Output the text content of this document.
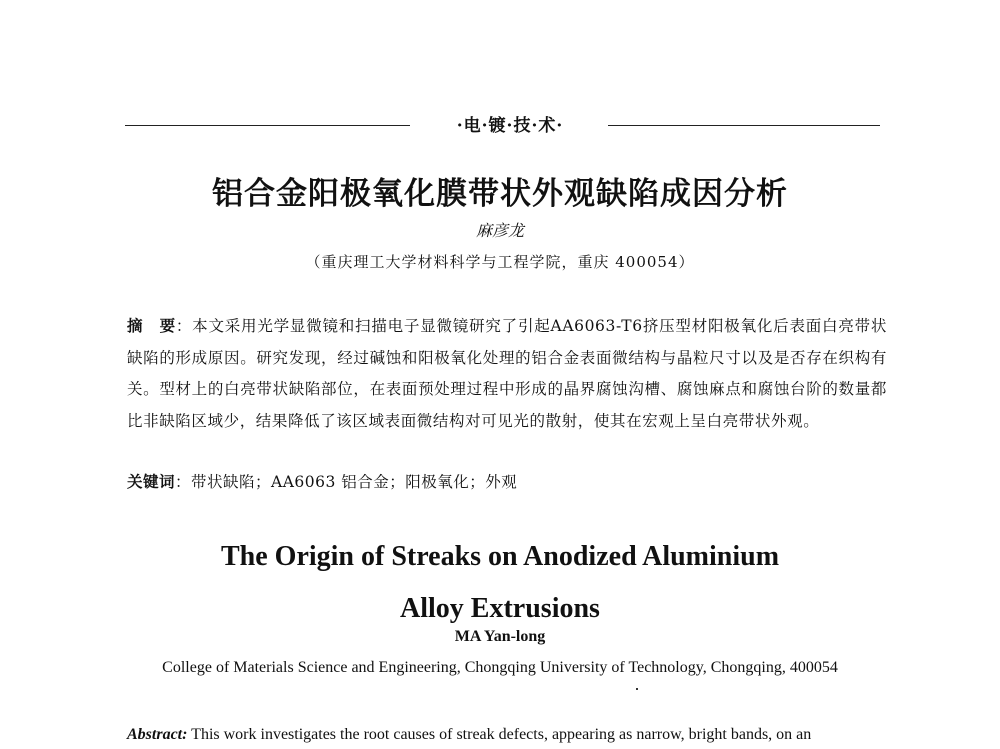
·电·镀·技·术·
铝合金阳极氧化膜带状外观缺陷成因分析
麻彦龙
（重庆理工大学材料科学与工程学院，重庆 400054）
摘　要：本文采用光学显微镜和扫描电子显微镜研究了引起AA6063-T6挤压型材阳极氧化后表面白亮带状缺陷的形成原因。研究发现，经过碱蚀和阳极氧化处理的铝合金表面微结构与晶粒尺寸以及是否存在织构有关。型材上的白亮带状缺陷部位，在表面预处理过程中形成的晶界腐蚀沟槽、腐蚀麻点和腐蚀台阶的数量都比非缺陷区域少，结果降低了该区域表面微结构对可见光的散射，使其在宏观上呈白亮带状外观。
关键词：带状缺陷；AA6063 铝合金；阳极氧化；外观
The Origin of Streaks on Anodized Aluminium
Alloy Extrusions
MA Yan-long
College of Materials Science and Engineering, Chongqing University of Technology, Chongqing, 400054
Abstract: This work investigates the root causes of streak defects, appearing as narrow, bright bands, on an
